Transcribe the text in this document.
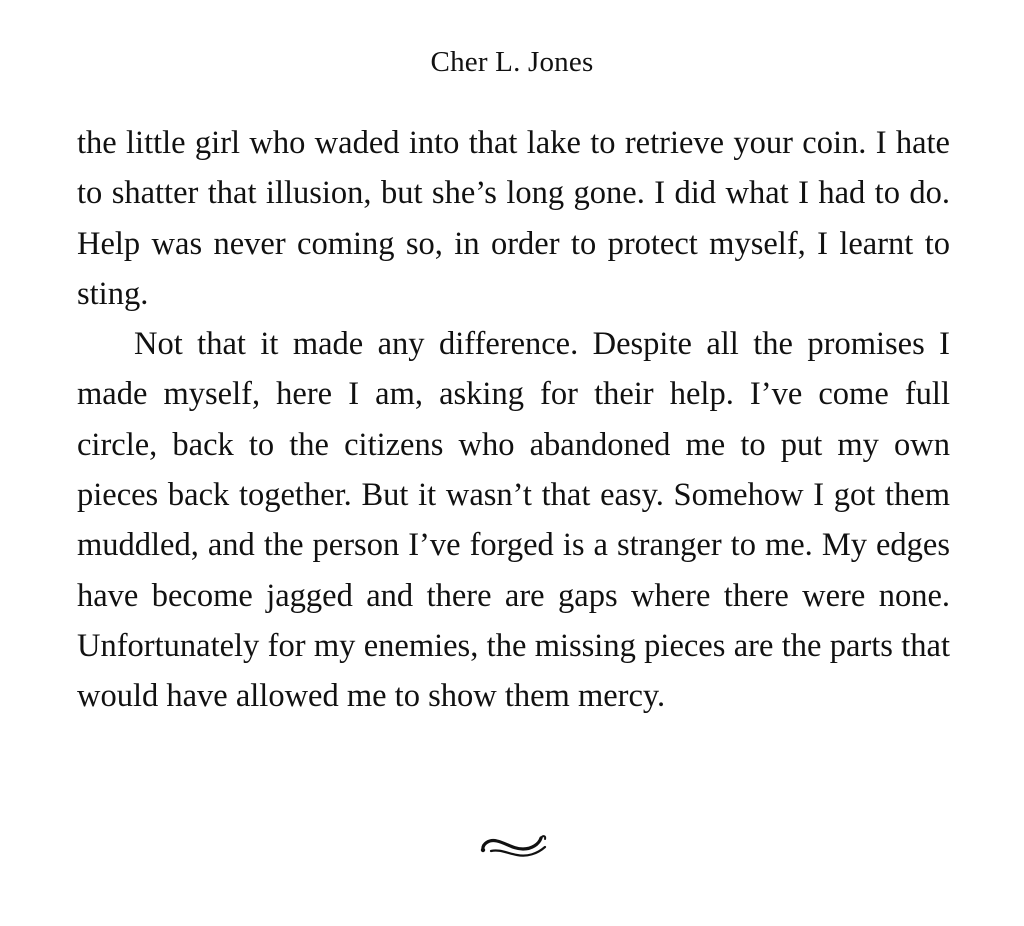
Cher L. Jones

the little girl who waded into that lake to retrieve your coin. I hate to shatter that illusion, but she’s long gone. I did what I had to do. Help was never coming so, in order to protect myself, I learnt to sting.

Not that it made any difference. Despite all the promises I made myself, here I am, asking for their help. I’ve come full circle, back to the citizens who abandoned me to put my own pieces back together. But it wasn’t that easy. Somehow I got them muddled, and the person I’ve forged is a stranger to me. My edges have become jagged and there are gaps where there were none. Unfortunately for my enemies, the missing pieces are the parts that would have allowed me to show them mercy.
